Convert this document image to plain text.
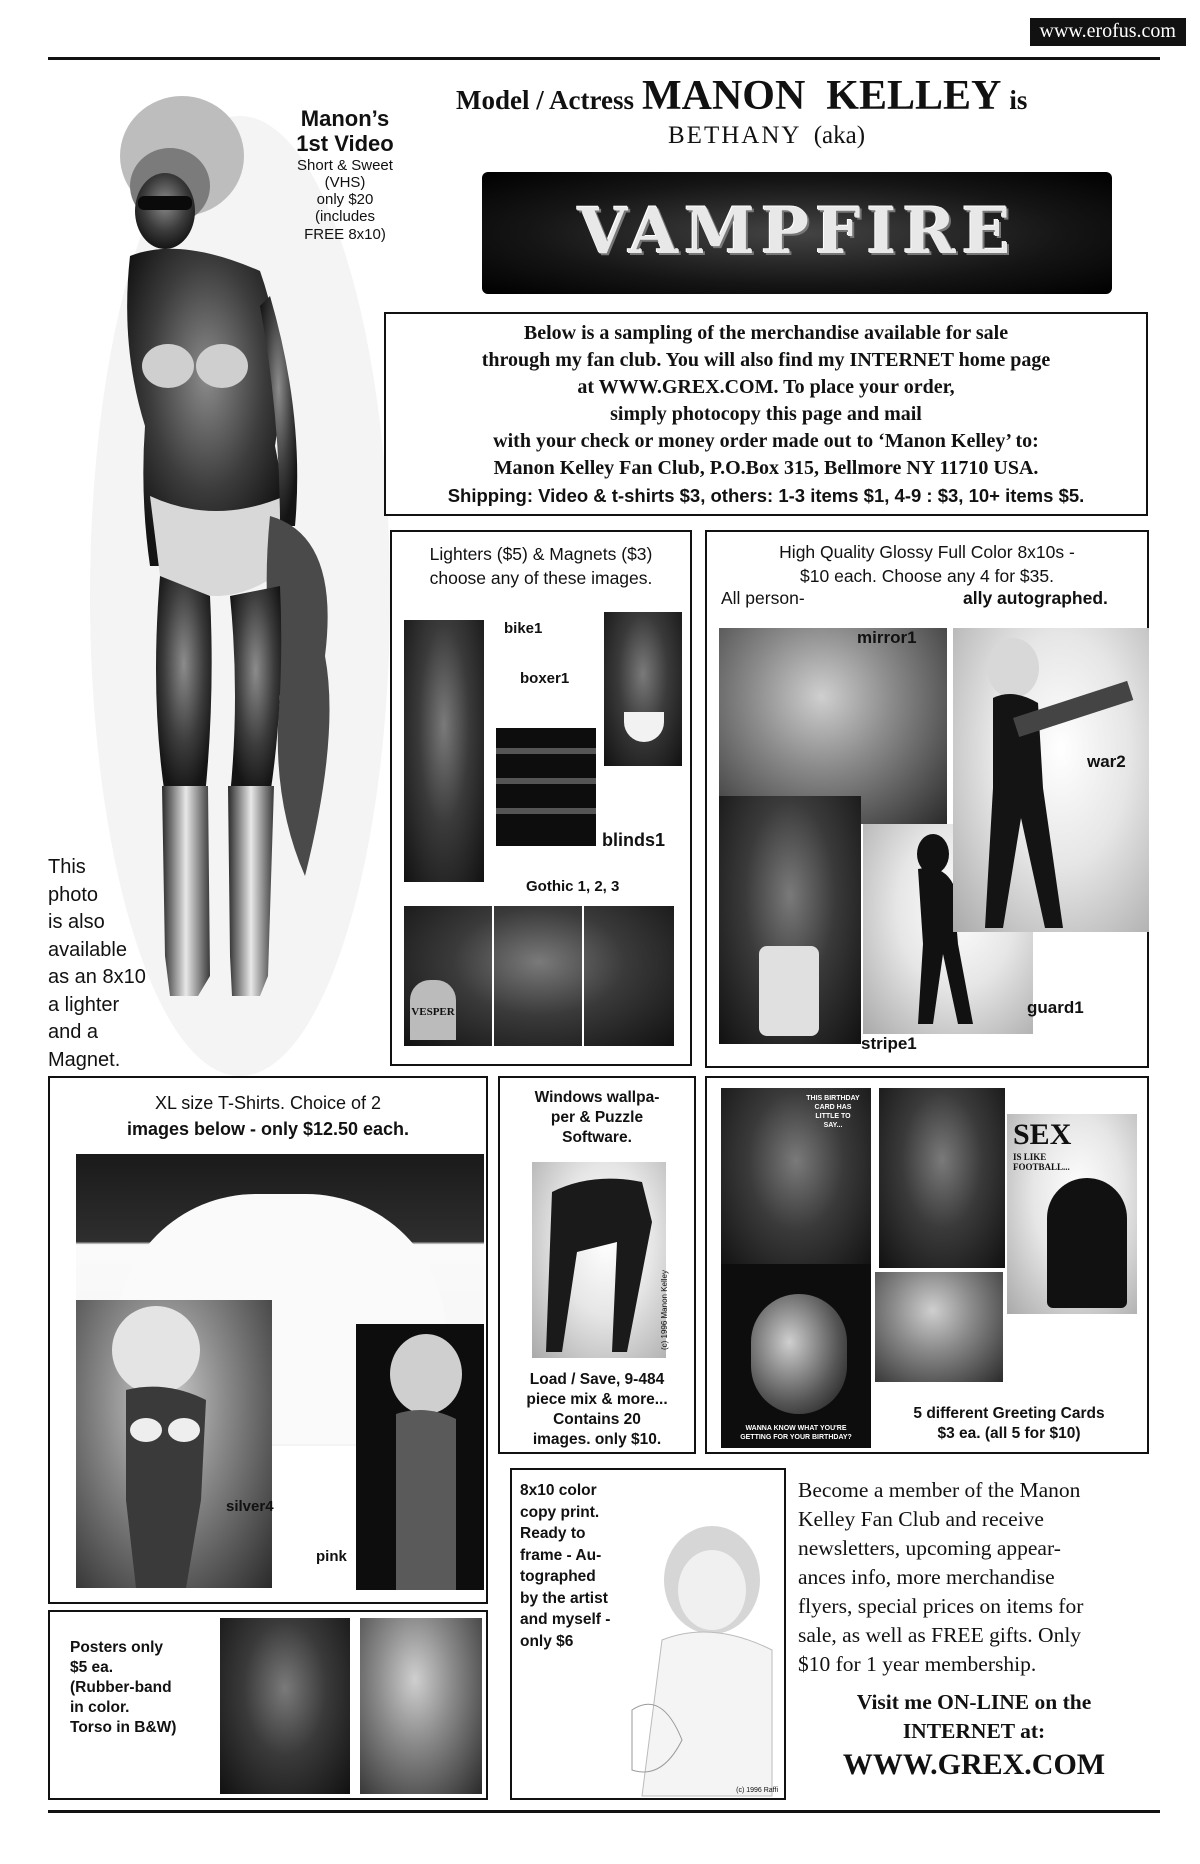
www.erofus.com
Model / Actress MANON  KELLEY is
BETHANY (aka)
VAMPFIRE
Manon’s
1st Video
Short & Sweet
(VHS)
only $20
(includes
FREE 8x10)
This
photo
is also
available
as an 8x10
a lighter
and a
Magnet.
Below is a sampling of the merchandise available for sale
through my fan club. You will also find my INTERNET home page
at WWW.GREX.COM. To place your order,
simply photocopy this page and mail
with your check or money order made out to ‘Manon Kelley’ to:
Manon Kelley Fan Club, P.O.Box 315, Bellmore NY 11710 USA.
Shipping: Video & t-shirts $3, others: 1-3 items $1, 4-9 : $3, 10+ items $5.
Lighters ($5) & Magnets ($3)
choose any of these images.
bike1
boxer1
blinds1
Gothic 1, 2, 3
VESPER
High Quality Glossy Full Color 8x10s -
$10 each. Choose any 4 for $35.
All person-	ally autographed.
mirror1
war2
stripe1
guard1
XL size T-Shirts. Choice of 2
images below - only $12.50 each.
silver4
pink
Windows wallpa-
per & Puzzle
Software.
(c) 1996 Manon Kelley
Load / Save, 9-484
piece mix & more...
Contains 20
images. only $10.
THIS BIRTHDAY
CARD HAS
LITTLE TO
SAY...	SEX
IS LIKE
FOOTBALL...
WANNA KNOW WHAT YOU'RE
GETTING FOR YOUR BIRTHDAY?
5 different Greeting Cards
$3 ea. (all 5 for $10)
Posters only
$5 ea.
(Rubber-band
in color.
Torso in B&W)
8x10 color
copy print.
Ready to
frame - Au-
tographed
by the artist
and myself -
only $6
(c) 1996 Raffi
Become a member of the Manon
Kelley Fan Club and receive
newsletters, upcoming appear-
ances info, more merchandise
flyers, special prices on items for
sale, as well as FREE gifts. Only
$10 for 1 year membership.
Visit me ON-LINE on the
INTERNET at:
WWW.GREX.COM
